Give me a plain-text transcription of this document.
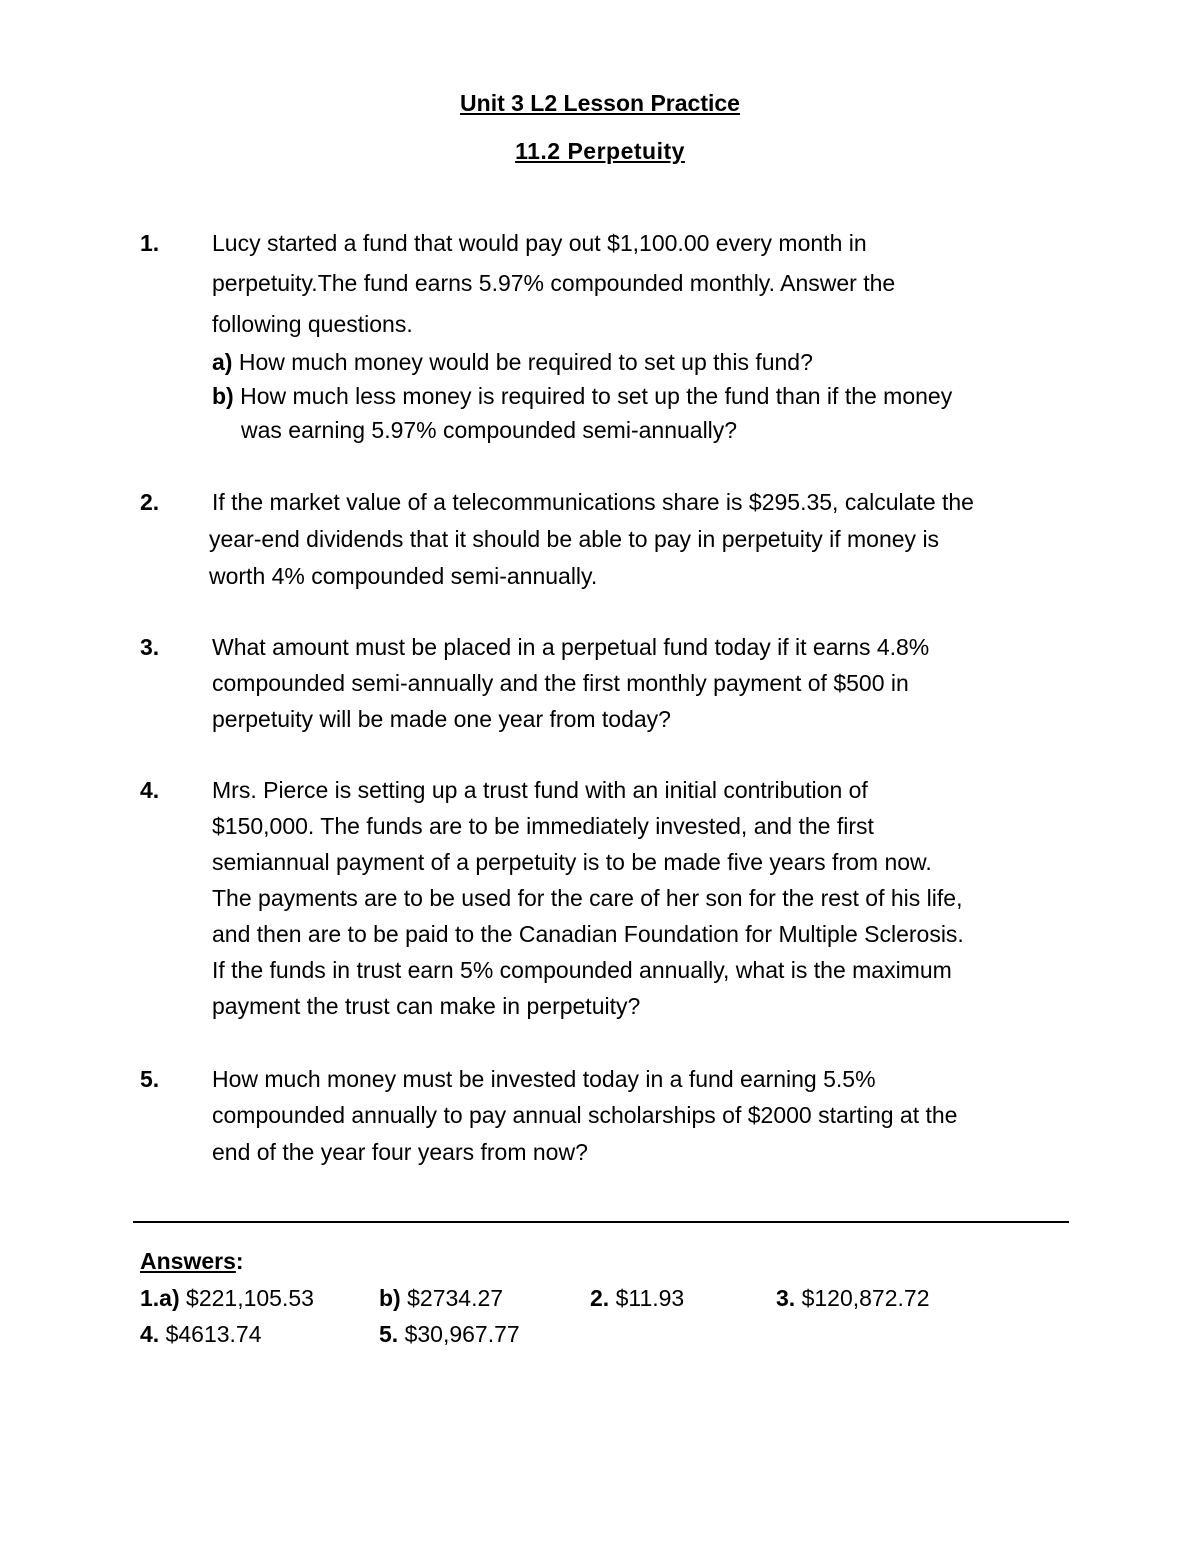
Unit 3 L2 Lesson Practice
11.2 Perpetuity
1. Lucy started a fund that would pay out $1,100.00 every month in
perpetuity.The fund earns 5.97% compounded monthly. Answer the
following questions.
a) How much money would be required to set up this fund?
b) How much less money is required to set up the fund than if the money
was earning 5.97% compounded semi-annually?
2. If the market value of a telecommunications share is $295.35, calculate the
year-end dividends that it should be able to pay in perpetuity if money is
worth 4% compounded semi-annually.
3. What amount must be placed in a perpetual fund today if it earns 4.8%
compounded semi-annually and the first monthly payment of $500 in
perpetuity will be made one year from today?
4. Mrs. Pierce is setting up a trust fund with an initial contribution of
$150,000. The funds are to be immediately invested, and the first
semiannual payment of a perpetuity is to be made five years from now.
The payments are to be used for the care of her son for the rest of his life,
and then are to be paid to the Canadian Foundation for Multiple Sclerosis.
If the funds in trust earn 5% compounded annually, what is the maximum
payment the trust can make in perpetuity?
5. How much money must be invested today in a fund earning 5.5%
compounded annually to pay annual scholarships of $2000 starting at the
end of the year four years from now?
Answers:
1.a) $221,105.53	b) $2734.27	2. $11.93	3. $120,872.72
4. $4613.74	5. $30,967.77
